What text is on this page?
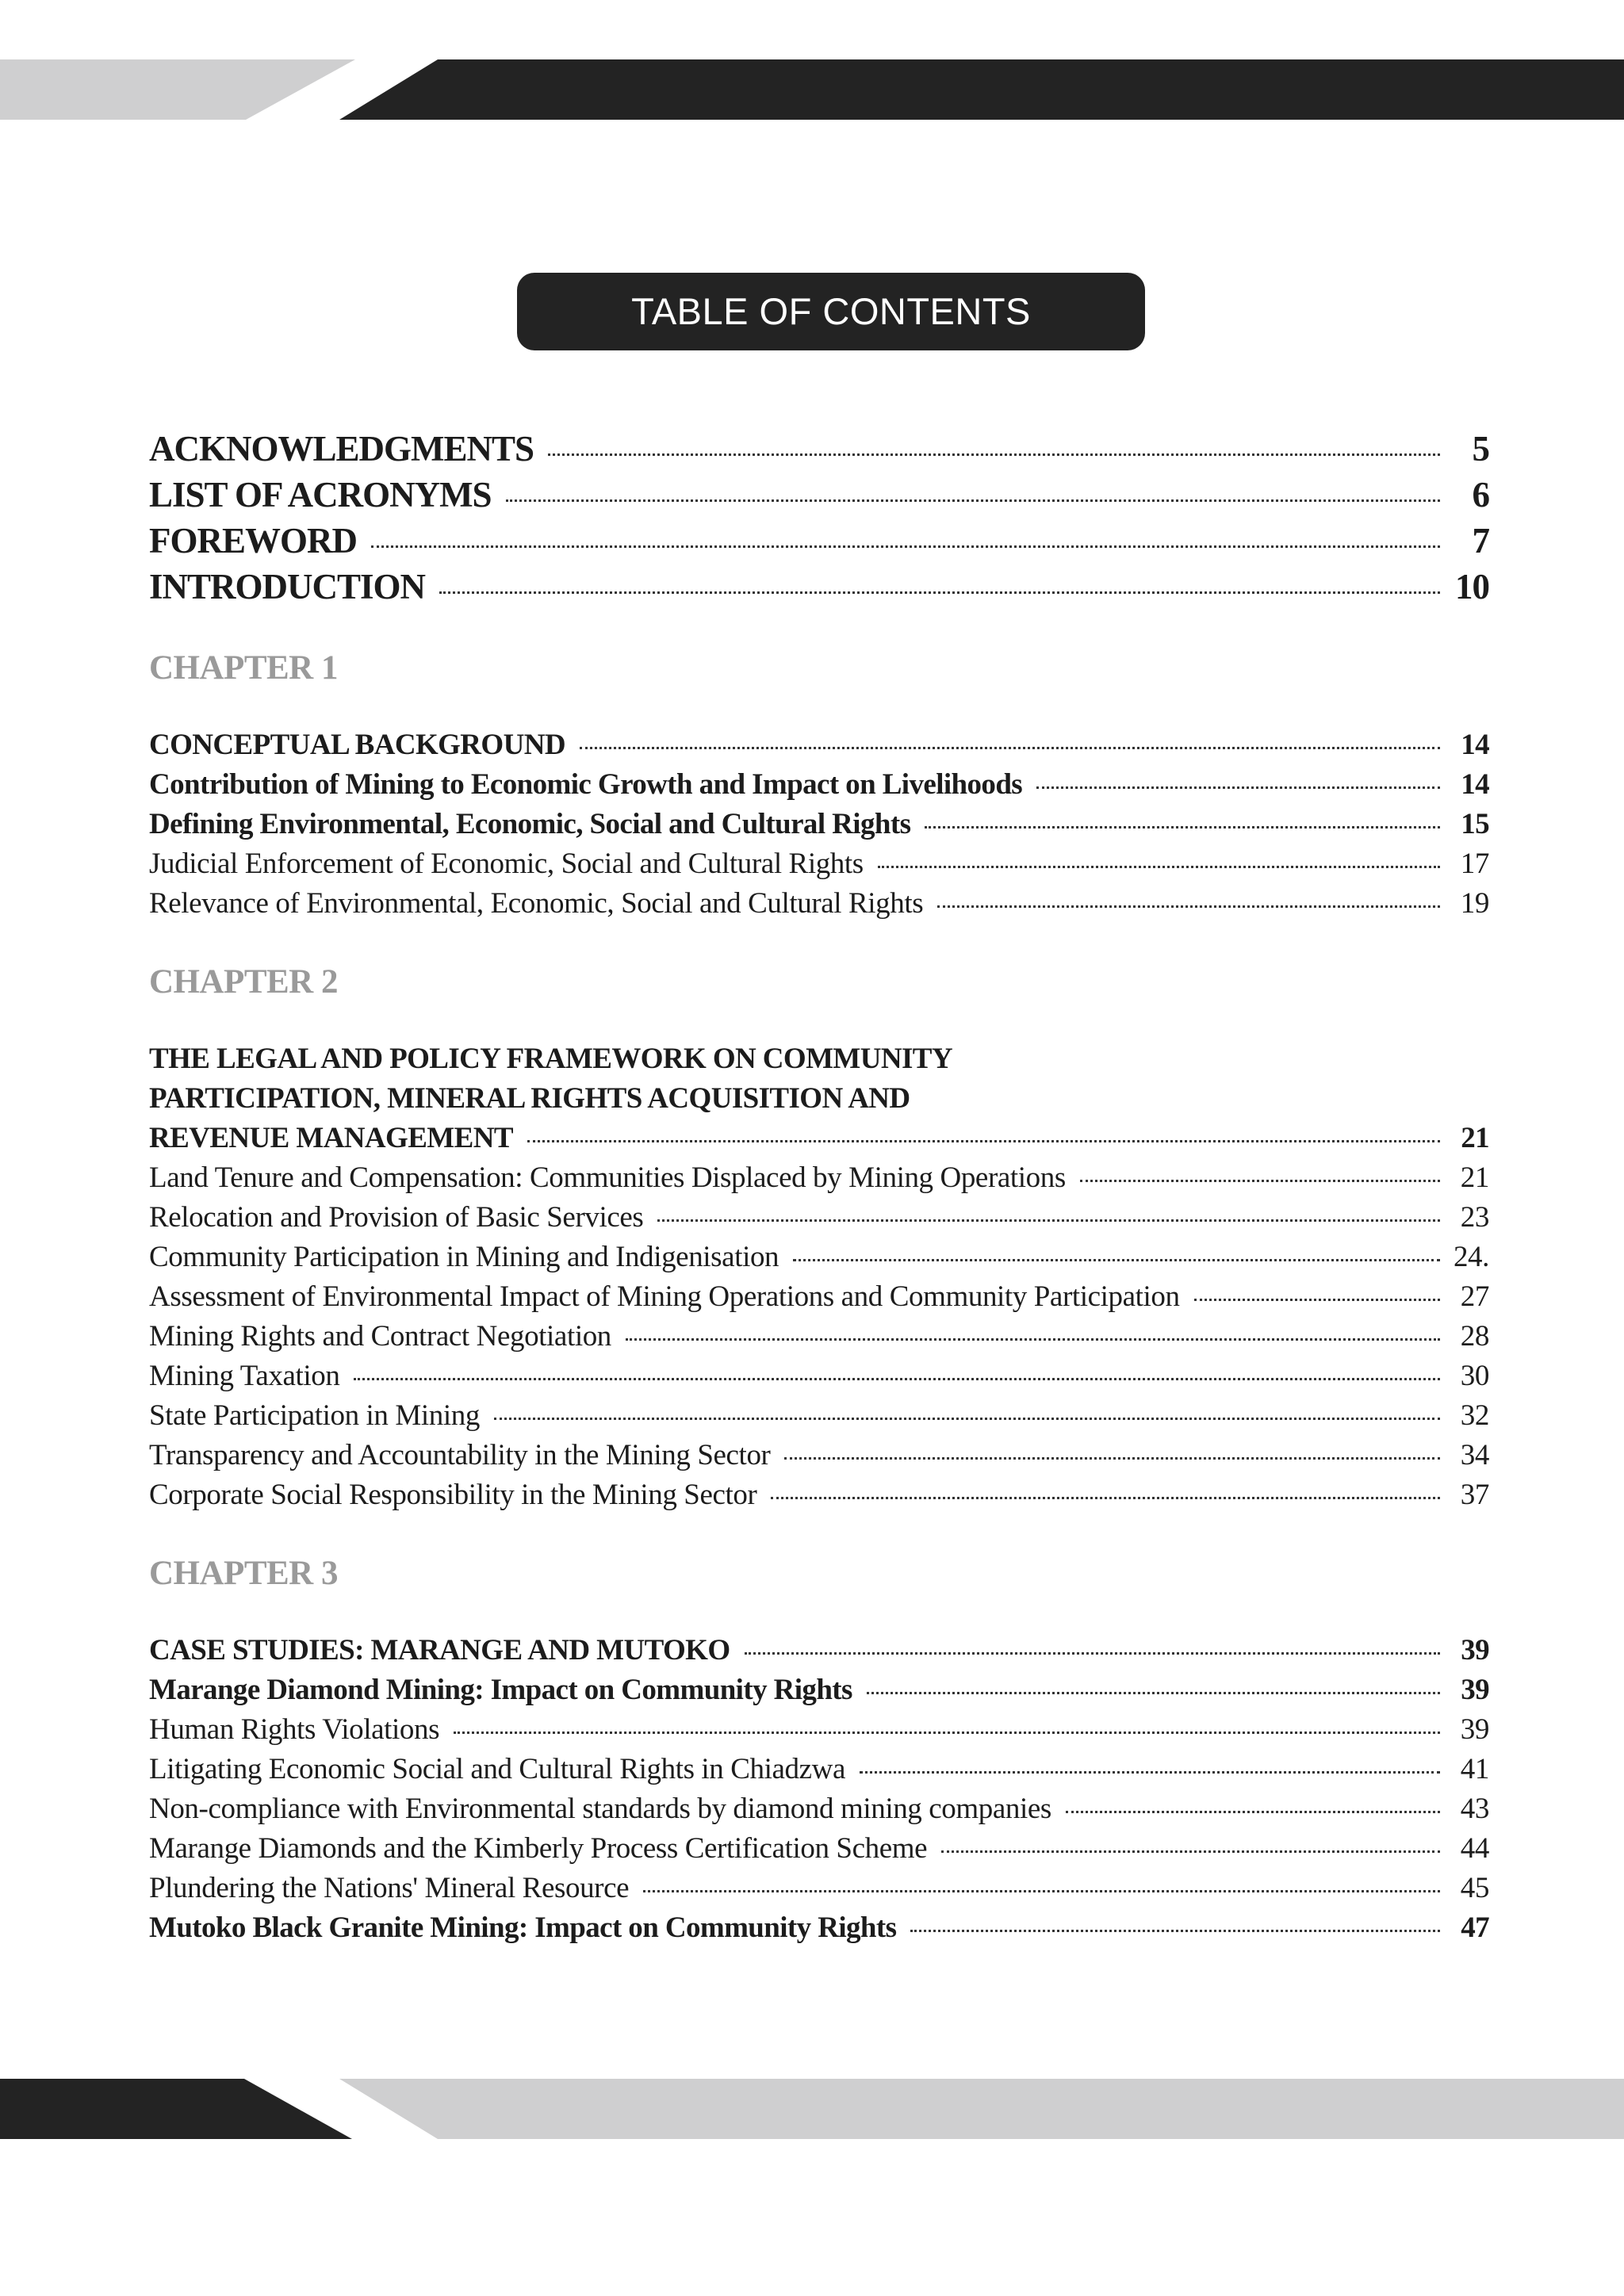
TABLE OF CONTENTS
ACKNOWLEDGMENTS	5
LIST OF ACRONYMS	6
FOREWORD	7
INTRODUCTION	10
CHAPTER 1
CONCEPTUAL BACKGROUND	14
Contribution of Mining to Economic Growth and Impact on Livelihoods	14
Defining Environmental, Economic, Social and Cultural Rights	15
Judicial Enforcement of Economic, Social and Cultural Rights	17
Relevance of Environmental, Economic, Social and Cultural Rights	19
CHAPTER 2
THE LEGAL AND POLICY FRAMEWORK ON COMMUNITY
PARTICIPATION, MINERAL RIGHTS ACQUISITION AND
REVENUE MANAGEMENT	21
Land Tenure and Compensation: Communities Displaced by Mining Operations	21
Relocation and Provision of Basic Services	23
Community Participation in Mining and Indigenisation	24.
Assessment of Environmental Impact of Mining Operations and Community Participation	27
Mining Rights and Contract Negotiation	28
Mining Taxation	30
State Participation in Mining	32
Transparency and Accountability in the Mining Sector	34
Corporate Social Responsibility in the Mining Sector	37
CHAPTER 3
CASE STUDIES: MARANGE AND MUTOKO	39
Marange Diamond Mining: Impact on Community Rights	39
Human Rights Violations	39
Litigating Economic Social and Cultural Rights in Chiadzwa	41
Non-compliance with Environmental standards by diamond mining companies	43
Marange Diamonds and the Kimberly Process Certification Scheme	44
Plundering the Nations' Mineral Resource	45
Mutoko Black Granite Mining: Impact on Community Rights	47
